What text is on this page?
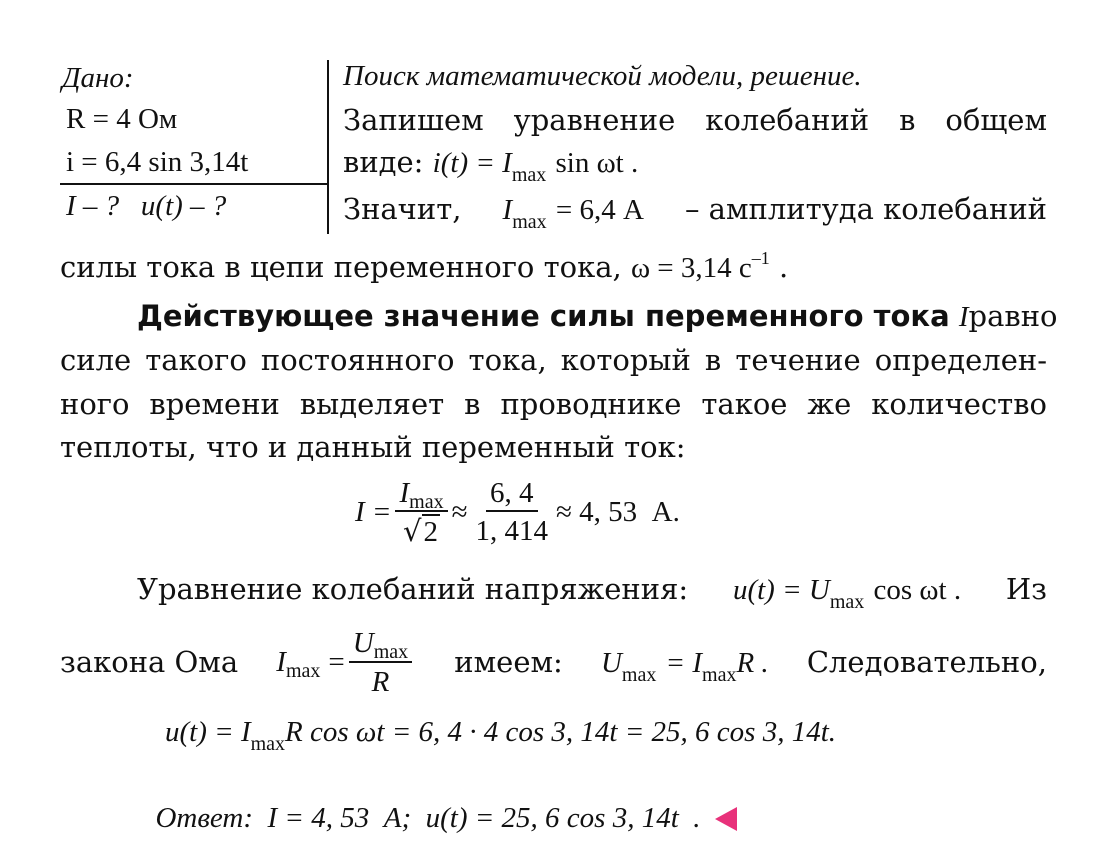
Дано:
R = 4 Ом
i = 6,4 sin 3,14t
I – ?   u(t) – ?
Поиск математической модели, решение.
Запишем уравнение колебаний в общем
виде: $i(t) = I_{max}$ sin ωt .
Значит, $I_{max} = 6,4$ А – амплитуда колебаний
силы тока в цепи переменного тока, ω = 3,14 $с^{-1}$ .
Действующее значение силы переменного тока I равно
силе такого постоянного тока, который в течение определен-
ного времени выделяет в проводнике такое же количество
теплоты, что и данный переменный ток:
$I = \frac{I_{max}}{√2} \approx \frac{6, 4}{1, 414} \approx 4$, 53  А.
Уравнение колебаний напряжения: $u(t) = U_{max}$ cos ωt . Из
закона Ома I $\max = \frac{U_{max}}{R}$ имеем: $U_{max} = I_{max}R$ . Следовательно,
$u(t) = I_{max}R$ cos ωt = 6, 4 · 4 cos 3, 14t = 25, 6 cos 3, 14t.

Ответ:  I = 4, 53  А;  u(t) = 25, 6 cos 3, 14t  .
